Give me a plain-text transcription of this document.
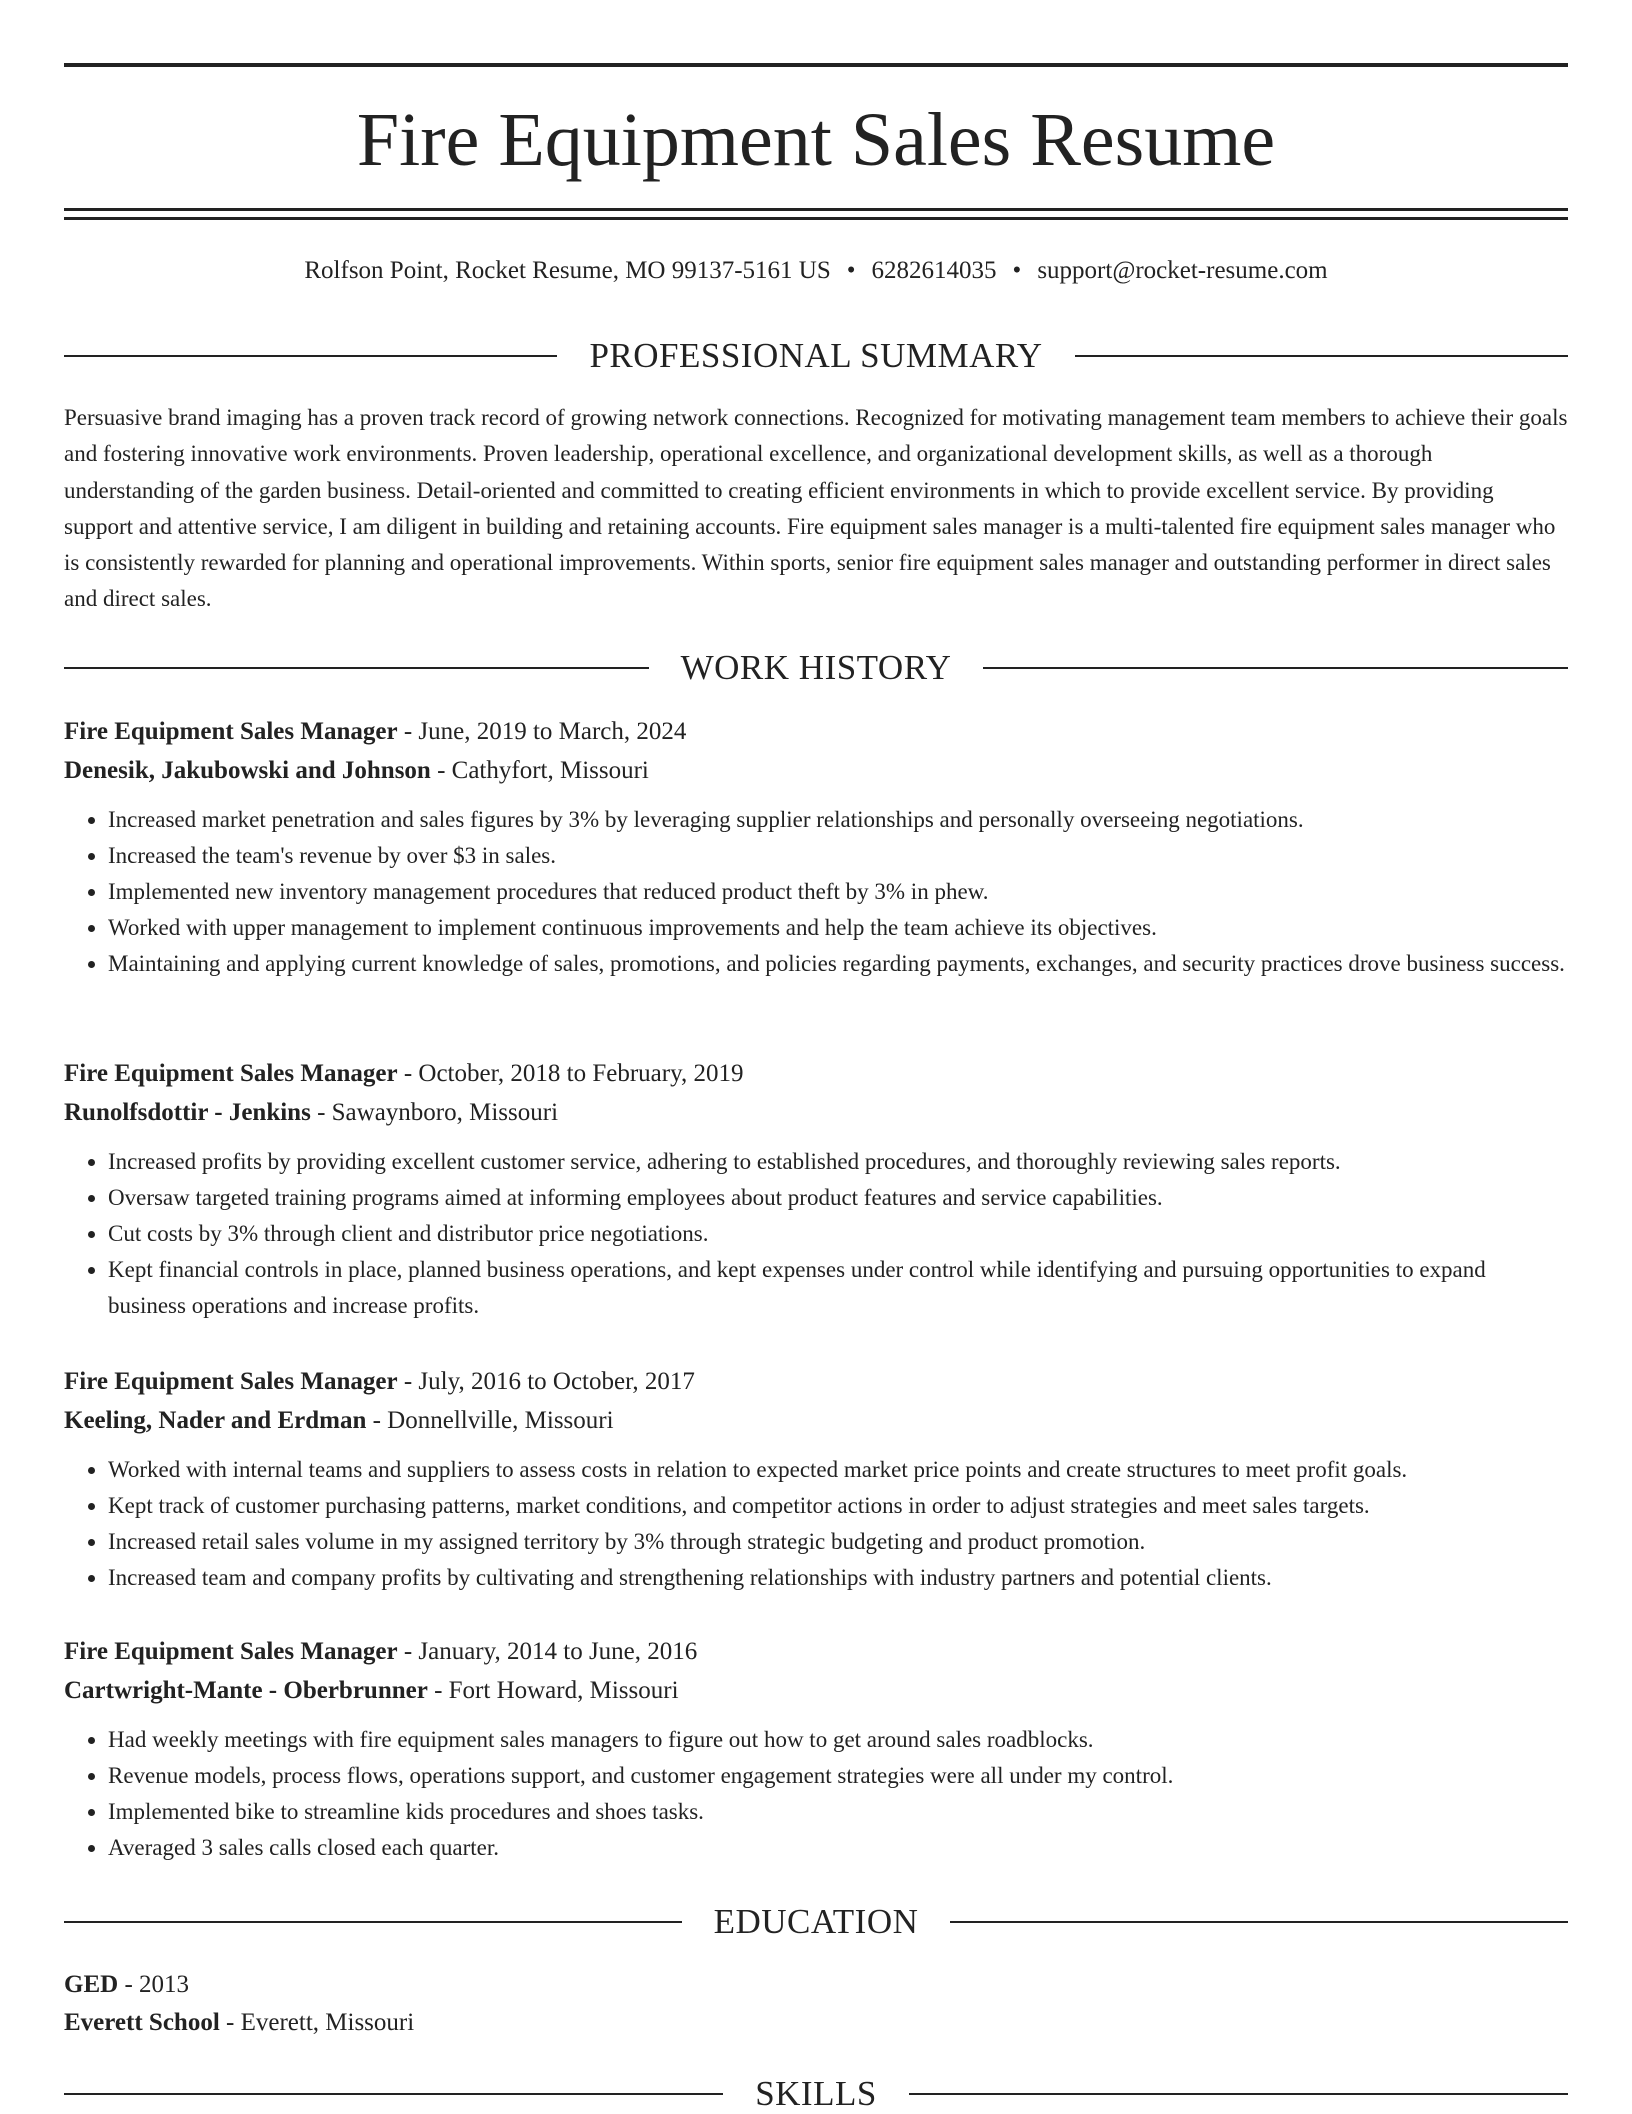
Fire Equipment Sales Resume
Rolfson Point, Rocket Resume, MO 99137-5161 US • 6282614035 • support@rocket-resume.com
PROFESSIONAL SUMMARY

Persuasive brand imaging has a proven track record of growing network connections. Recognized for motivating management team members to achieve their goals and fostering innovative work environments. Proven leadership, operational excellence, and organizational development skills, as well as a thorough understanding of the garden business. Detail-oriented and committed to creating efficient environments in which to provide excellent service. By providing support and attentive service, I am diligent in building and retaining accounts. Fire equipment sales manager is a multi-talented fire equipment sales manager who is consistently rewarded for planning and operational improvements. Within sports, senior fire equipment sales manager and outstanding performer in direct sales and direct sales.

WORK HISTORY
Fire Equipment Sales Manager - June, 2019 to March, 2024
Denesik, Jakubowski and Johnson - Cathyfort, Missouri
• Increased market penetration and sales figures by 3% by leveraging supplier relationships and personally overseeing negotiations.
• Increased the team's revenue by over $3 in sales.
• Implemented new inventory management procedures that reduced product theft by 3% in phew.
• Worked with upper management to implement continuous improvements and help the team achieve its objectives.
• Maintaining and applying current knowledge of sales, promotions, and policies regarding payments, exchanges, and security practices drove business success.
Fire Equipment Sales Manager - October, 2018 to February, 2019
Runolfsdottir - Jenkins - Sawaynboro, Missouri
• Increased profits by providing excellent customer service, adhering to established procedures, and thoroughly reviewing sales reports.
• Oversaw targeted training programs aimed at informing employees about product features and service capabilities.
• Cut costs by 3% through client and distributor price negotiations.
• Kept financial controls in place, planned business operations, and kept expenses under control while identifying and pursuing opportunities to expand business operations and increase profits.
Fire Equipment Sales Manager - July, 2016 to October, 2017
Keeling, Nader and Erdman - Donnellville, Missouri
• Worked with internal teams and suppliers to assess costs in relation to expected market price points and create structures to meet profit goals.
• Kept track of customer purchasing patterns, market conditions, and competitor actions in order to adjust strategies and meet sales targets.
• Increased retail sales volume in my assigned territory by 3% through strategic budgeting and product promotion.
• Increased team and company profits by cultivating and strengthening relationships with industry partners and potential clients.
Fire Equipment Sales Manager - January, 2014 to June, 2016
Cartwright-Mante - Oberbrunner - Fort Howard, Missouri
• Had weekly meetings with fire equipment sales managers to figure out how to get around sales roadblocks.
• Revenue models, process flows, operations support, and customer engagement strategies were all under my control.
• Implemented bike to streamline kids procedures and shoes tasks.
• Averaged 3 sales calls closed each quarter.
EDUCATION
GED - 2013
Everett School - Everett, Missouri
SKILLS
